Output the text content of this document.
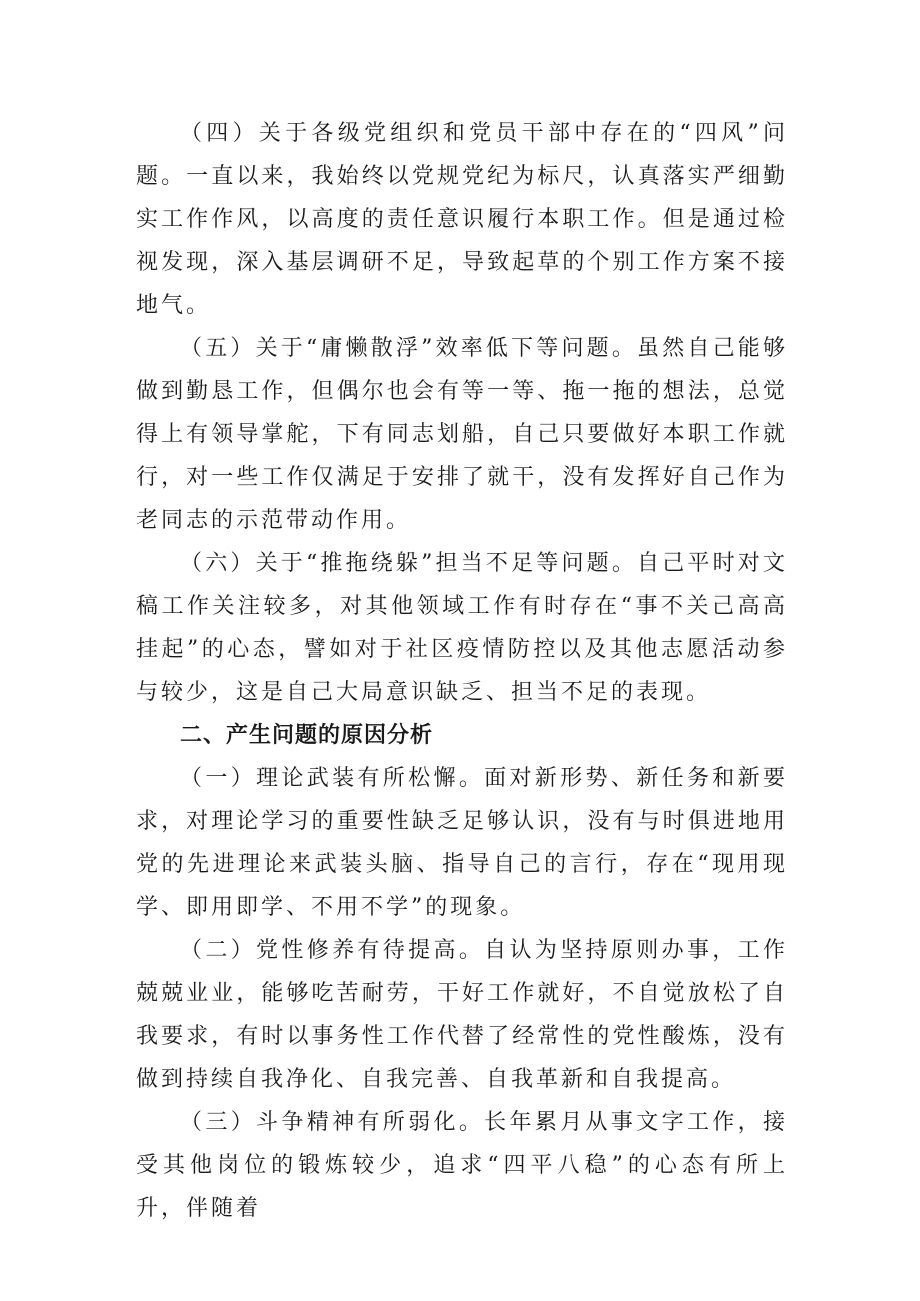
（四）关于各级党组织和党员干部中存在的“四风”问题。一直以来，我始终以党规党纪为标尺，认真落实严细勤实工作作风，以高度的责任意识履行本职工作。但是通过检视发现，深入基层调研不足，导致起草的个别工作方案不接地气。

（五）关于“庸懒散浮”效率低下等问题。虽然自己能够做到勤恳工作，但偶尔也会有等一等、拖一拖的想法，总觉得上有领导掌舵，下有同志划船，自己只要做好本职工作就行，对一些工作仅满足于安排了就干，没有发挥好自己作为老同志的示范带动作用。

（六）关于“推拖绕躲”担当不足等问题。自己平时对文稿工作关注较多，对其他领域工作有时存在“事不关己高高挂起”的心态，譬如对于社区疫情防控以及其他志愿活动参与较少，这是自己大局意识缺乏、担当不足的表现。

二、产生问题的原因分析

（一）理论武装有所松懈。面对新形势、新任务和新要求，对理论学习的重要性缺乏足够认识，没有与时俱进地用党的先进理论来武装头脑、指导自己的言行，存在“现用现学、即用即学、不用不学”的现象。

（二）党性修养有待提高。自认为坚持原则办事，工作兢兢业业，能够吃苦耐劳，干好工作就好，不自觉放松了自我要求，有时以事务性工作代替了经常性的党性酸炼，没有做到持续自我净化、自我完善、自我革新和自我提高。

（三）斗争精神有所弱化。长年累月从事文字工作，接受其他岗位的锻炼较少，追求“四平八稳”的心态有所上升，伴随着
